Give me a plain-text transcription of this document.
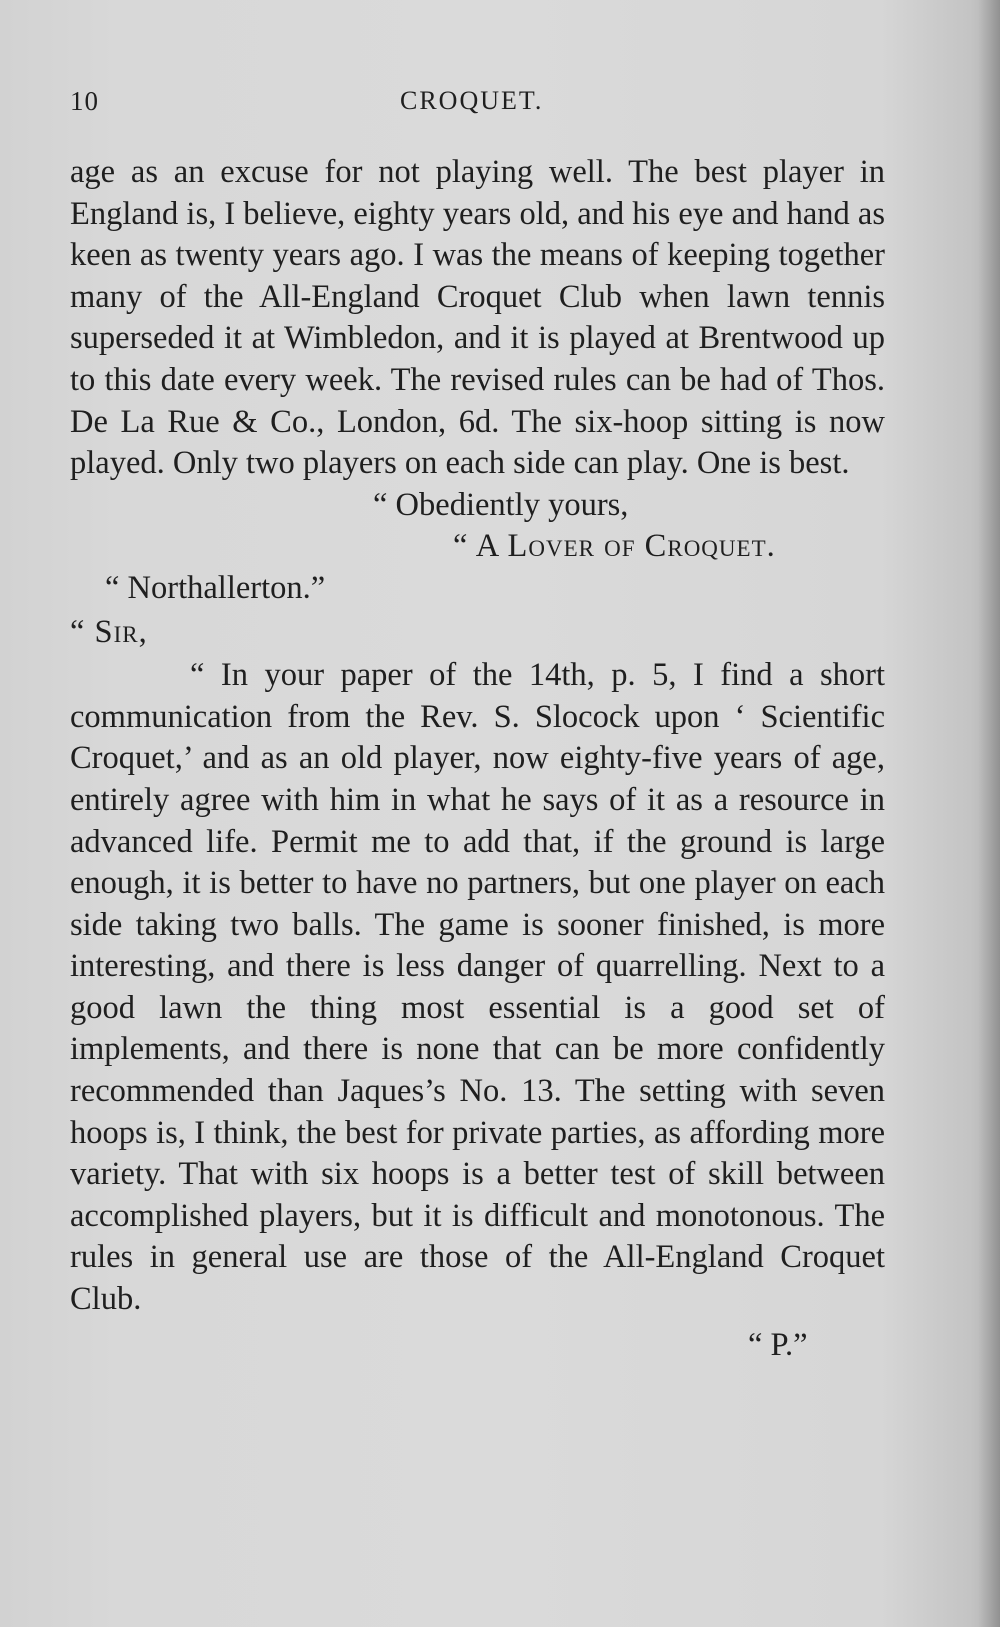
10	CROQUET.

age as an excuse for not playing well. The best player in England is, I believe, eighty years old, and his eye and hand as keen as twenty years ago. I was the means of keeping together many of the All-England Croquet Club when lawn tennis superseded it at Wimbledon, and it is played at Brentwood up to this date every week. The revised rules can be had of Thos. De La Rue & Co., London, 6d. The six-hoop sitting is now played. Only two players on each side can play. One is best.

“ Obediently yours,

“ A Lover of Croquet.

“ Northallerton.”

“ Sir,

“ In your paper of the 14th, p. 5, I find a short communication from the Rev. S. Slocock upon ‘ Scientific Croquet,’ and as an old player, now eighty-five years of age, entirely agree with him in what he says of it as a resource in advanced life. Permit me to add that, if the ground is large enough, it is better to have no partners, but one player on each side taking two balls. The game is sooner finished, is more interesting, and there is less danger of quarrelling. Next to a good lawn the thing most essential is a good set of implements, and there is none that can be more confidently recommended than Jaques’s No. 13. The setting with seven hoops is, I think, the best for private parties, as affording more variety. That with six hoops is a better test of skill between accomplished players, but it is difficult and monotonous. The rules in general use are those of the All-England Croquet Club.

“ P.”
